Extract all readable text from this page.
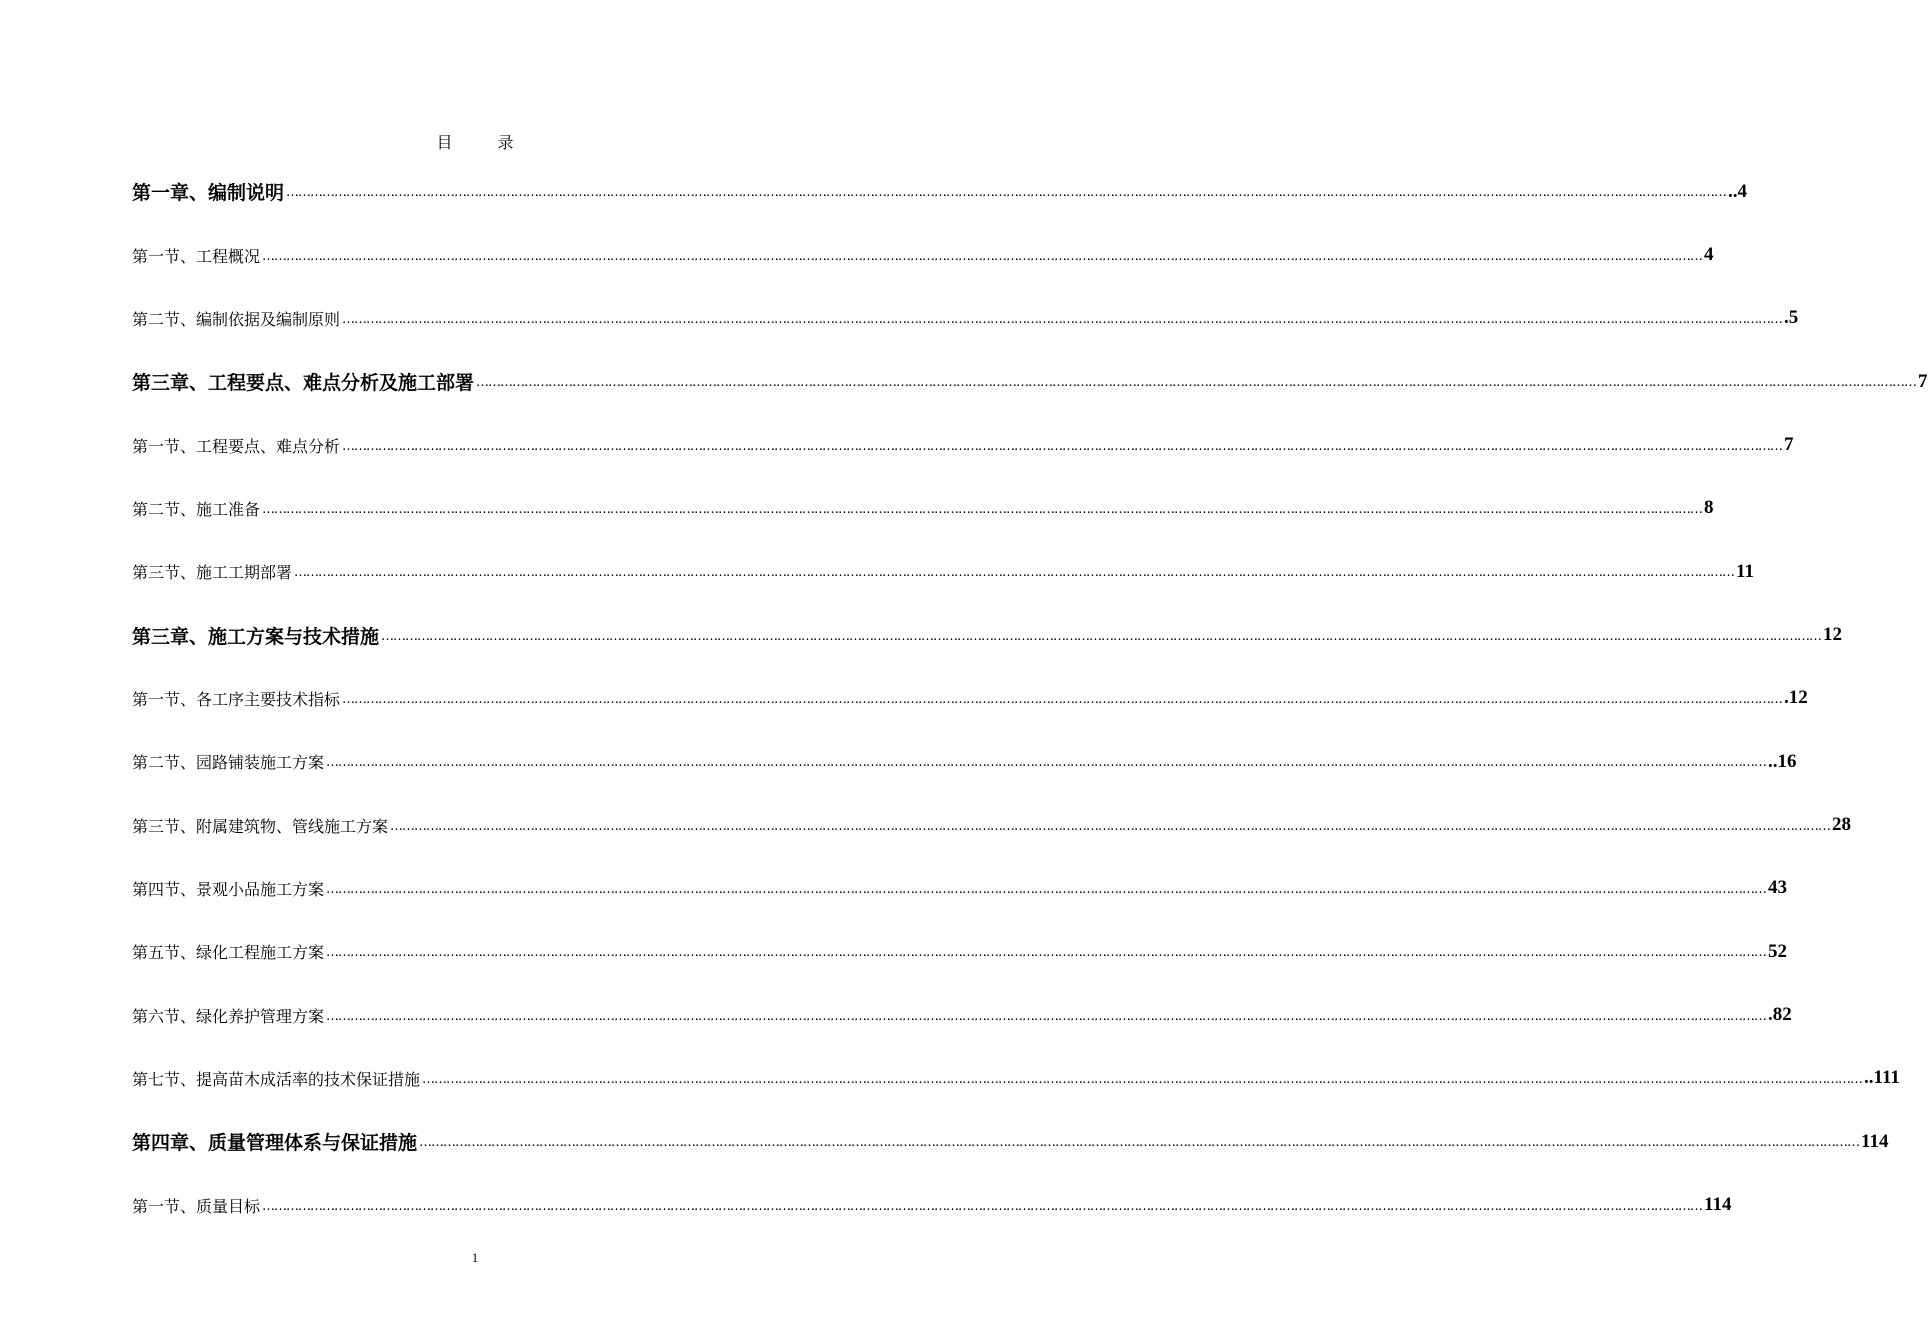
目 录
第一章、编制说明 ……………………………………………………………………………………………………………………………………………………………………………………………………………………………………………………………………………………………………………………………… ..4
第一节、工程概况 ……………………………………………………………………………………………………………………………………………………………………………………………………………………………………………………………………………………………………………………………… 4
第二节、编制依据及编制原则 ……………………………………………………………………………………………………………………………………………………………………………………………………………………………………………………………………………………………………………………………… .5
第三章、工程要点、难点分析及施工部署 ……………………………………………………………………………………………………………………………………………………………………………………………………………………………………………………………………………………………………………………………… 7
第一节、工程要点、难点分析 ……………………………………………………………………………………………………………………………………………………………………………………………………………………………………………………………………………………………………………………………… 7
第二节、施工准备 ……………………………………………………………………………………………………………………………………………………………………………………………………………………………………………………………………………………………………………………………… 8
第三节、施工工期部署 ……………………………………………………………………………………………………………………………………………………………………………………………………………………………………………………………………………………………………………………………… 11
第三章、施工方案与技术措施 ……………………………………………………………………………………………………………………………………………………………………………………………………………………………………………………………………………………………………………………………… 12
第一节、各工序主要技术指标 ……………………………………………………………………………………………………………………………………………………………………………………………………………………………………………………………………………………………………………………………… .12
第二节、园路铺装施工方案 ……………………………………………………………………………………………………………………………………………………………………………………………………………………………………………………………………………………………………………………………… ..16
第三节、附属建筑物、管线施工方案 ……………………………………………………………………………………………………………………………………………………………………………………………………………………………………………………………………………………………………………………………… 28
第四节、景观小品施工方案 ……………………………………………………………………………………………………………………………………………………………………………………………………………………………………………………………………………………………………………………………… 43
第五节、绿化工程施工方案 ……………………………………………………………………………………………………………………………………………………………………………………………………………………………………………………………………………………………………………………………… 52
第六节、绿化养护管理方案 ……………………………………………………………………………………………………………………………………………………………………………………………………………………………………………………………………………………………………………………………… .82
第七节、提高苗木成活率的技术保证措施 ……………………………………………………………………………………………………………………………………………………………………………………………………………………………………………………………………………………………………………………………… ..111
第四章、质量管理体系与保证措施 ……………………………………………………………………………………………………………………………………………………………………………………………………………………………………………………………………………………………………………………………… 114
第一节、质量目标 ……………………………………………………………………………………………………………………………………………………………………………………………………………………………………………………………………………………………………………………………… 114
1
